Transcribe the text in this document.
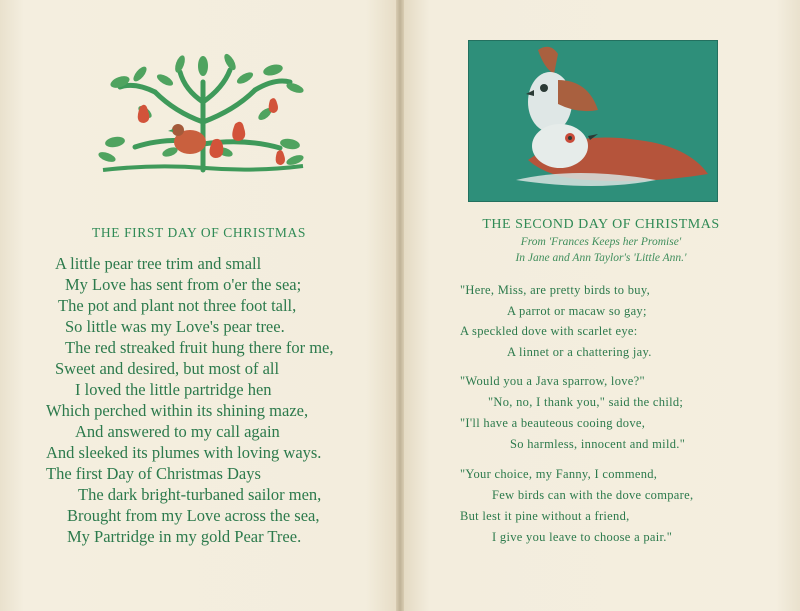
THE FIRST DAY OF CHRISTMAS
A little pear tree trim and small
My Love has sent from o'er the sea;
The pot and plant not three foot tall,
So little was my Love's pear tree.
The red streaked fruit hung there for me,
Sweet and desired, but most of all
I loved the little partridge hen
Which perched within its shining maze,
And answered to my call again
And sleeked its plumes with loving ways.
The first Day of Christmas Days
The dark bright-turbaned sailor men,
Brought from my Love across the sea,
My Partridge in my gold Pear Tree.
THE SECOND DAY OF CHRISTMAS
From 'Frances Keeps her Promise'
In Jane and Ann Taylor's 'Little Ann.'
"Here, Miss, are pretty birds to buy,
A parrot or macaw so gay;
A speckled dove with scarlet eye:
A linnet or a chattering jay.
"Would you a Java sparrow, love?"
"No, no, I thank you," said the child;
"I'll have a beauteous cooing dove,
So harmless, innocent and mild."
"Your choice, my Fanny, I commend,
Few birds can with the dove compare,
But lest it pine without a friend,
I give you leave to choose a pair."
